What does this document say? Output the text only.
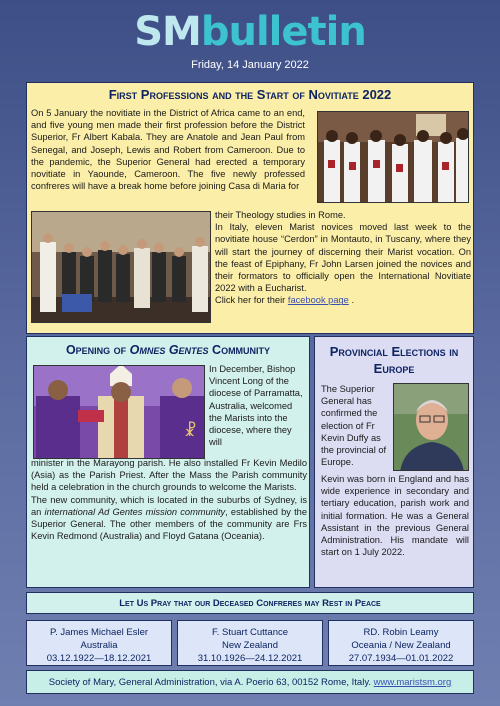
SMbulletin
Friday, 14 January 2022
First Professions and the Start of Novitiate 2022
On 5 January the novitiate in the District of Africa came to an end, and five young men made their first profession before the District Superior, Fr Albert Kabala. They are Anatole and Jean Paul from Senegal, and Joseph, Lewis and Robert from Cameroon. Due to the pandemic, the Superior General had erected a temporary novitiate in Yaounde, Cameroon. The five newly professed confreres will have a break home before joining Casa di Maria for
their Theology studies in Rome.
In Italy, eleven Marist novices moved last week to the novitiate house “Cerdon” in Montauto, in Tuscany, where they will start the journey of discerning their Marist vocation. On the feast of Epiphany, Fr John Larsen joined the novices and their formators to officially open the International Novitiate 2022 with a Eucharist.
Click her for their facebook page .
Opening of Omnes Gentes Community
☧
In December, Bishop Vincent Long of the diocese of Parramatta, Australia, welcomed the Marists into the diocese, where they will
minister in the Marayong parish. He also installed Fr Kevin Medilo (Asia) as the Parish Priest. After the Mass the Parish community held a celebration in the church grounds to welcome the Marists.
The new community, which is located in the suburbs of Sydney, is an international Ad Gentes mission community, established by the Superior General. The other members of the community are Frs Kevin Redmond (Australia) and Floyd Gatana (Oceania).
Provincial Elections in Europe
The Superior General has confirmed the election of Fr Kevin Duffy as the provincial of Europe.
Kevin was born in England and has wide experience in secondary and tertiary education, parish work and initial formation. He was a General Assistant in the previous General Administration. His mandate will start on 1 July 2022.
Let Us Pray that our Deceased Confreres may Rest in Peace
P. James Michael Esler
Australia
03.12.1922—18.12.2021
F. Stuart Cuttance
New Zealand
31.10.1926—24.12.2021
RD. Robin Leamy
Oceania / New Zealand
27.07.1934—01.01.2022
Society of Mary, General Administration, via A. Poerio 63, 00152 Rome, Italy. www.maristsm.org
